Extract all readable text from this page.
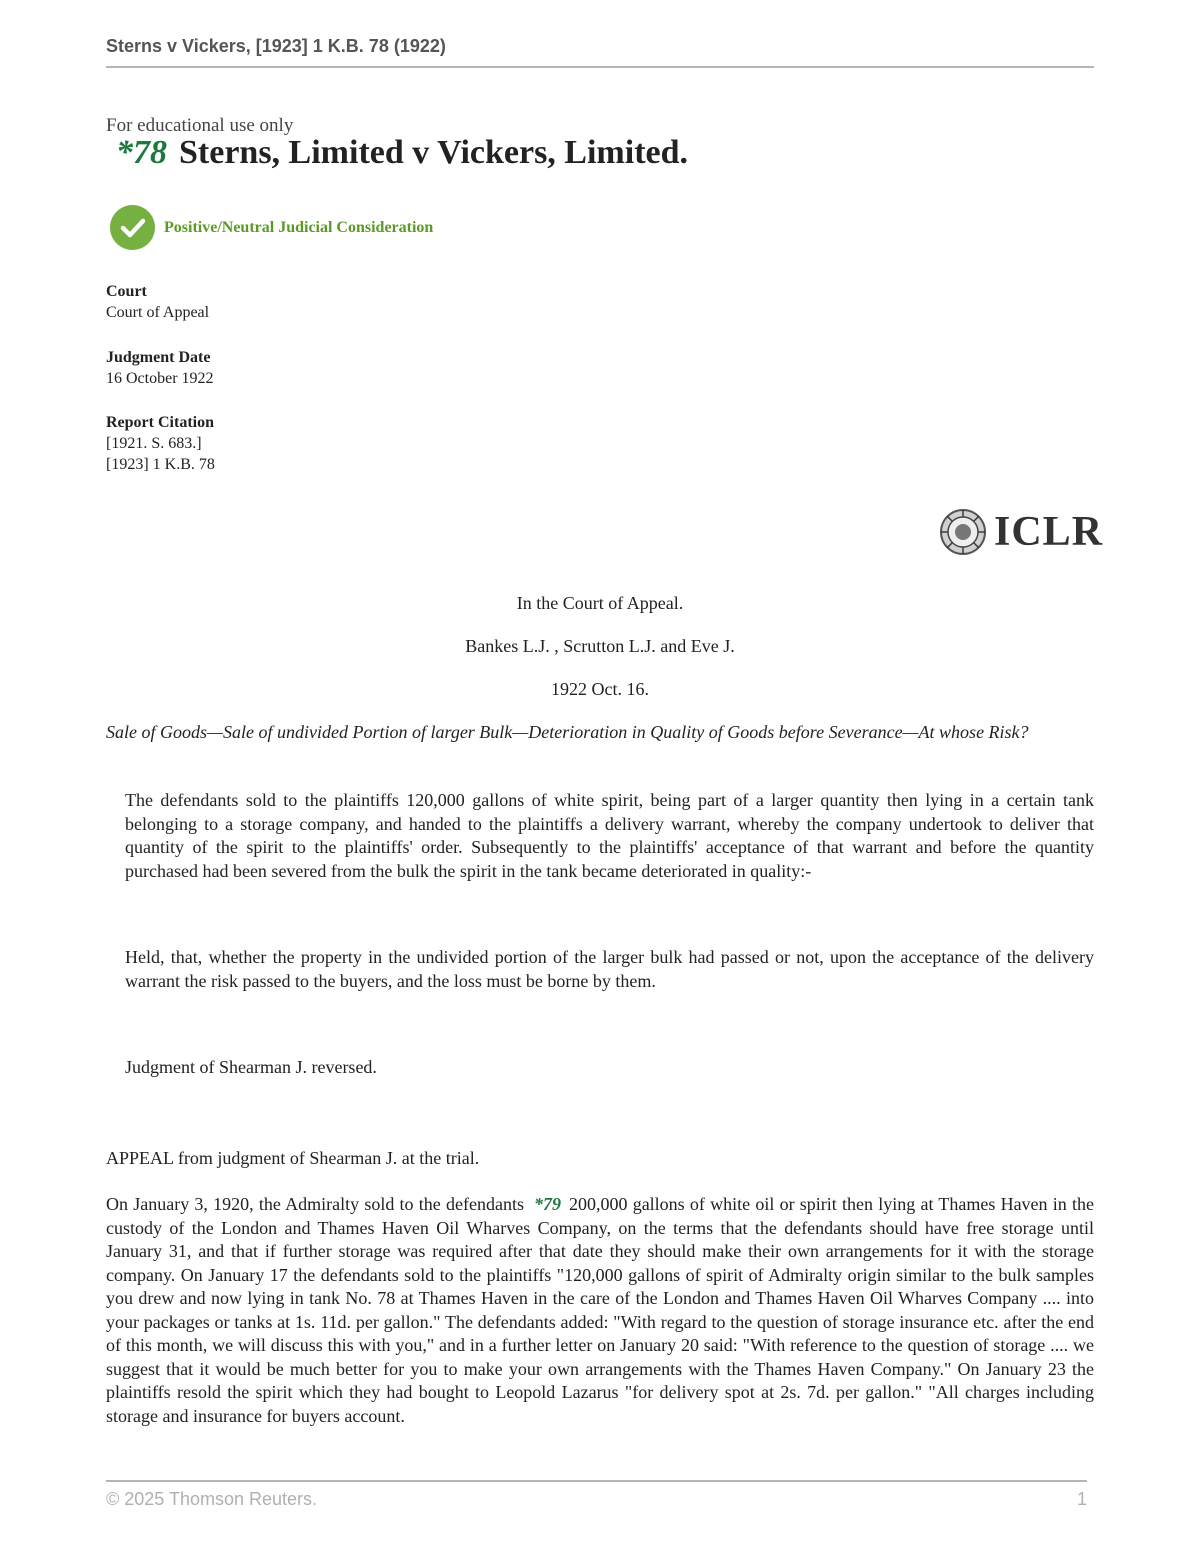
Sterns v Vickers, [1923] 1 K.B. 78 (1922)
For educational use only
*78 Sterns, Limited v Vickers, Limited.
Positive/Neutral Judicial Consideration
Court
Court of Appeal
Judgment Date
16 October 1922
Report Citation
[1921. S. 683.]
[1923] 1 K.B. 78
ICLR
In the Court of Appeal.
Bankes L.J. , Scrutton L.J. and Eve J.
1922 Oct. 16.
Sale of Goods—Sale of undivided Portion of larger Bulk—Deterioration in Quality of Goods before Severance—At whose Risk?
The defendants sold to the plaintiffs 120,000 gallons of white spirit, being part of a larger quantity then lying in a certain tank belonging to a storage company, and handed to the plaintiffs a delivery warrant, whereby the company undertook to deliver that quantity of the spirit to the plaintiffs' order. Subsequently to the plaintiffs' acceptance of that warrant and before the quantity purchased had been severed from the bulk the spirit in the tank became deteriorated in quality:-
Held, that, whether the property in the undivided portion of the larger bulk had passed or not, upon the acceptance of the delivery warrant the risk passed to the buyers, and the loss must be borne by them.
Judgment of Shearman J. reversed.
APPEAL from judgment of Shearman J. at the trial.
On January 3, 1920, the Admiralty sold to the defendants *79 200,000 gallons of white oil or spirit then lying at Thames Haven in the custody of the London and Thames Haven Oil Wharves Company, on the terms that the defendants should have free storage until January 31, and that if further storage was required after that date they should make their own arrangements for it with the storage company. On January 17 the defendants sold to the plaintiffs "120,000 gallons of spirit of Admiralty origin similar to the bulk samples you drew and now lying in tank No. 78 at Thames Haven in the care of the London and Thames Haven Oil Wharves Company .... into your packages or tanks at 1s. 11d. per gallon." The defendants added: "With regard to the question of storage insurance etc. after the end of this month, we will discuss this with you," and in a further letter on January 20 said: "With reference to the question of storage .... we suggest that it would be much better for you to make your own arrangements with the Thames Haven Company." On January 23 the plaintiffs resold the spirit which they had bought to Leopold Lazarus "for delivery spot at 2s. 7d. per gallon." "All charges including storage and insurance for buyers account.
© 2025 Thomson Reuters.	1
